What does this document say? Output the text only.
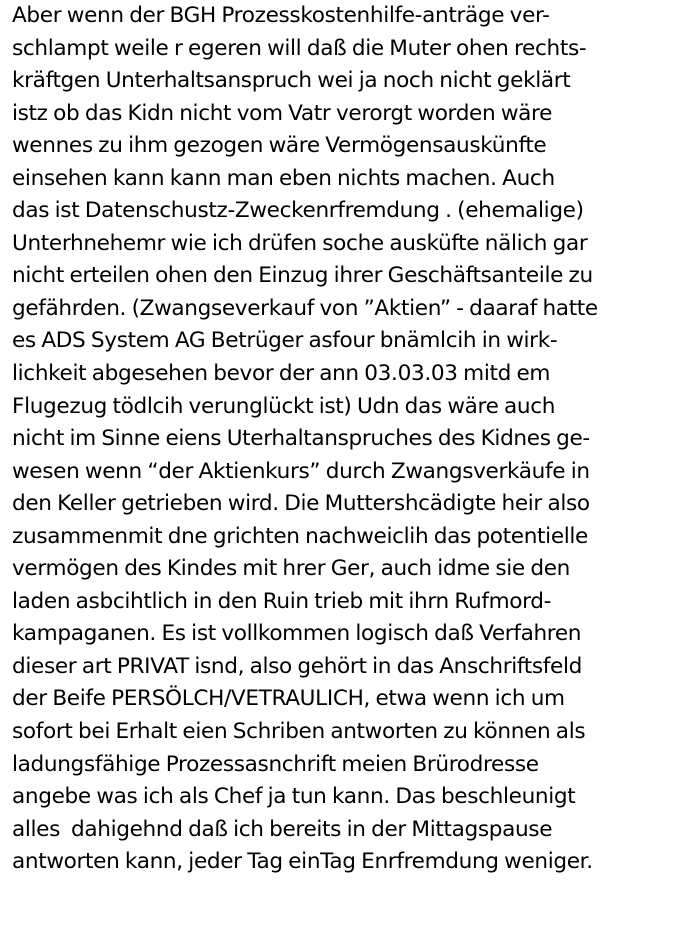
Aber wenn der BGH Prozesskostenhilfe-anträge ver-
schlampt weile r egeren will daß die Muter ohen rechts-
kräftgen Unterhaltsanspruch wei ja noch nicht geklärt
istz ob das Kidn nicht vom Vatr verorgt worden wäre
wennes zu ihm gezogen wäre Vermögensauskünfte
einsehen kann kann man eben nichts machen. Auch
das ist Datenschustz-Zweckenrfremdung . (ehemalige)
Unterhnehemr wie ich drüfen soche ausküfte nälich gar
nicht erteilen ohen den Einzug ihrer Geschäftsanteile zu
gefährden. (Zwangseverkauf von ”Aktien” - daaraf hatte
es ADS System AG Betrüger asfour bnämlcih in wirk-
lichkeit abgesehen bevor der ann 03.03.03 mitd em
Flugezug tödlcih verunglückt ist) Udn das wäre auch
nicht im Sinne eiens Uterhaltanspruches des Kidnes ge-
wesen wenn “der Aktienkurs” durch Zwangsverkäufe in
den Keller getrieben wird. Die Muttershcädigte heir also
zusammenmit dne grichten nachweiclih das potentielle
vermögen des Kindes mit hrer Ger, auch idme sie den
laden asbcihtlich in den Ruin trieb mit ihrn Rufmord-
kampaganen. Es ist vollkommen logisch daß Verfahren
dieser art PRIVAT isnd, also gehört in das Anschriftsfeld
der Beife PERSÖLCH/VETRAULICH, etwa wenn ich um
sofort bei Erhalt eien Schriben antworten zu können als
ladungsfähige Prozessasnchrift meien Brürodresse
angebe was ich als Chef ja tun kann. Das beschleunigt
alles  dahigehnd daß ich bereits in der Mittagspause
antworten kann, jeder Tag einTag Enrfremdung weniger.
